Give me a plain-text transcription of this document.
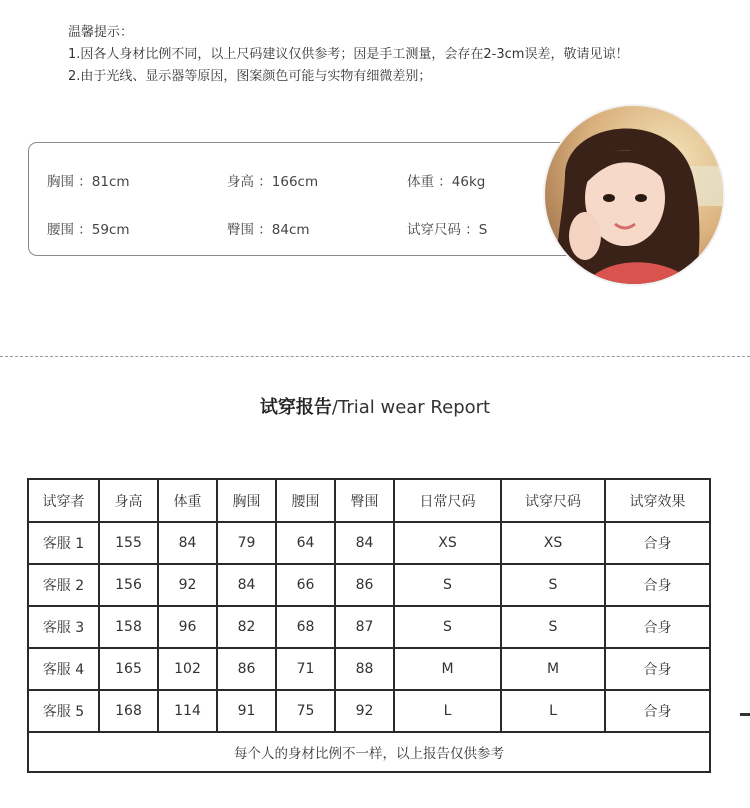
温馨提示：
1.因各人身材比例不同，以上尺码建议仅供参考；因是手工测量，会存在2-3cm误差，敬请见谅！
2.由于光线、显示器等原因，图案颜色可能与实物有细微差别；
胸围 ：81cm	身高 ：166cm	体重 ：46kg
腰围 ：59cm	臀围 ：84cm	试穿尺码 ：S
试穿报告/Trial wear Report
试穿者	身高	体重	胸围	腰围	臀围	日常尺码	试穿尺码	试穿效果
客服 1	155	84	79	64	84	XS	XS	合身
客服 2	156	92	84	66	86	S	S	合身
客服 3	158	96	82	68	87	S	S	合身
客服 4	165	102	86	71	88	M	M	合身
客服 5	168	114	91	75	92	L	L	合身
每个人的身材比例不一样，以上报告仅供参考								
